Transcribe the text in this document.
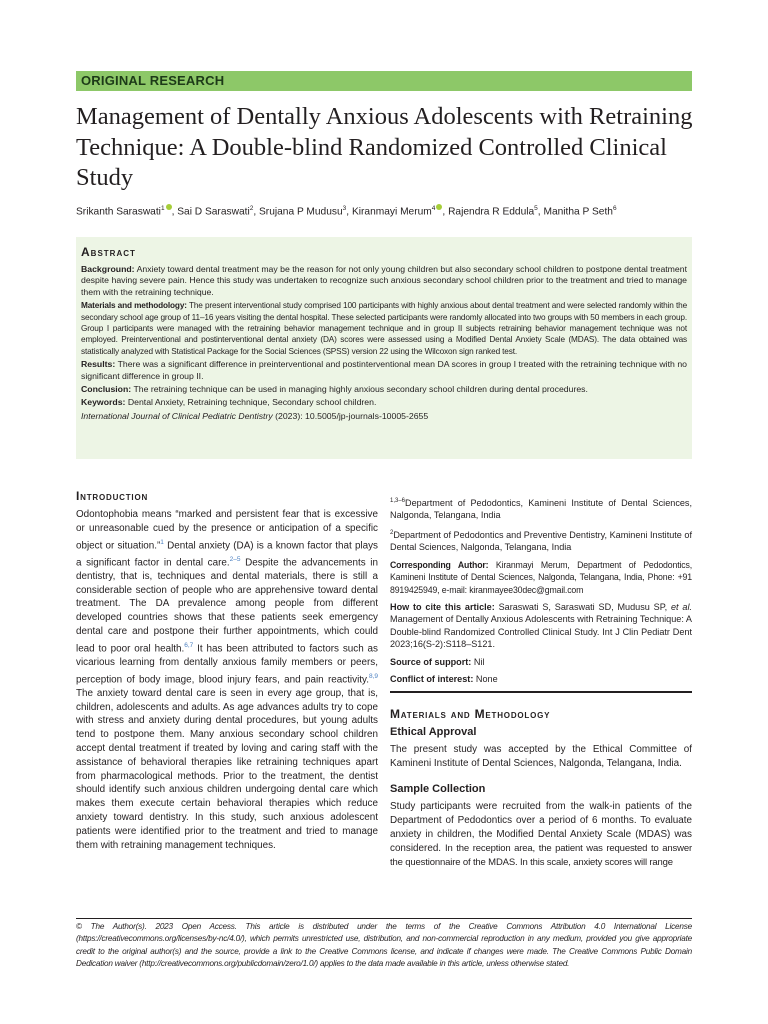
ORIGINAL RESEARCH
Management of Dentally Anxious Adolescents with Retraining Technique: A Double-blind Randomized Controlled Clinical Study
Srikanth Saraswati$^1$ , Sai D Saraswati$^2$, Srujana P Mudusu$^3$, Kiranmayi Merum$^4$ , Rajendra R Eddula$^5$, Manitha P Seth$^6$
Abstract

Background: Anxiety toward dental treatment may be the reason for not only young children but also secondary school children to postpone dental treatment despite having severe pain. Hence this study was undertaken to recognize such anxious secondary school children prior to the treatment and tried to manage them with the retraining technique.

Materials and methodology: The present interventional study comprised 100 participants with highly anxious about dental treatment and were selected randomly within the secondary school age group of 11–16 years visiting the dental hospital. These selected participants were randomly allocated into two groups with 50 members in each group. Group I participants were managed with the retraining behavior management technique and in group II subjects retraining behavior management technique was not employed. Preinterventional and postinterventional dental anxiety (DA) scores were assessed using a Modified Dental Anxiety Scale (MDAS). The data obtained was statistically analyzed with Statistical Package for the Social Sciences (SPSS) version 22 using the Wilcoxon sign ranked test.

Results: There was a significant difference in preinterventional and postinterventional mean DA scores in group I treated with the retraining technique with no significant difference in group II.

Conclusion: The retraining technique can be used in managing highly anxious secondary school children during dental procedures.

Keywords: Dental Anxiety, Retraining technique, Secondary school children.

International Journal of Clinical Pediatric Dentistry (2023): 10.5005/jp-journals-10005-2655

Introduction

Odontophobia means “marked and persistent fear that is excessive or unreasonable cued by the presence or anticipation of a specific object or situation.”$^1$ Dental anxiety (DA) is a known factor that plays a significant factor in dental care.$^{2-5}$ Despite the advancements in dentistry, that is, techniques and dental materials, there is still a considerable section of people who are apprehensive toward dental treatment. The DA prevalence among people from different developed countries shows that these patients seek emergency dental care and postpone their further appointments, which could lead to poor oral health.$^{6,7}$ It has been attributed to factors such as vicarious learning from dentally anxious family members or peers, perception of body image, blood injury fears, and pain reactivity.$^{8,9}$ The anxiety toward dental care is seen in every age group, that is, children, adolescents and adults. As age advances adults try to cope with stress and anxiety during dental procedures, but young adults tend to postpone them. Many anxious secondary school children accept dental treatment if treated by loving and caring staff with the assistance of behavioral therapies like retraining techniques apart from pharmacological methods. Prior to the treatment, the dentist should identify such anxious children undergoing dental care which makes them execute certain behavioral therapies which reduce anxiety toward dentistry. In this study, such anxious adolescent patients were identified prior to the treatment and tried to manage them with retraining management techniques.

$^{1,3-6}$Department of Pedodontics, Kamineni Institute of Dental Sciences, Nalgonda, Telangana, India

$^2$Department of Pedodontics and Preventive Dentistry, Kamineni Institute of Dental Sciences, Nalgonda, Telangana, India

Corresponding Author: Kiranmayi Merum, Department of Pedodontics, Kamineni Institute of Dental Sciences, Nalgonda, Telangana, India, Phone: +91 8919425949, e-mail: kiranmayee30dec@gmail.com

How to cite this article: Saraswati S, Saraswati SD, Mudusu SP, et al. Management of Dentally Anxious Adolescents with Retraining Technique: A Double-blind Randomized Controlled Clinical Study. Int J Clin Pediatr Dent 2023;16(S-2):S118–S121.

Source of support: Nil

Conflict of interest: None

Materials and Methodology
Ethical Approval

The present study was accepted by the Ethical Committee of Kamineni Institute of Dental Sciences, Nalgonda, Telangana, India.

Sample Collection

Study participants were recruited from the walk-in patients of the Department of Pedodontics over a period of 6 months. To evaluate anxiety in children, the Modified Dental Anxiety Scale (MDAS) was considered. In the reception area, the patient was requested to answer the questionnaire of the MDAS. In this scale, anxiety scores will range

© The Author(s). 2023 Open Access. This article is distributed under the terms of the Creative Commons Attribution 4.0 International License (https://creativecommons.org/licenses/by-nc/4.0/), which permits unrestricted use, distribution, and non-commercial reproduction in any medium, provided you give appropriate credit to the original author(s) and the source, provide a link to the Creative Commons license, and indicate if changes were made. The Creative Commons Public Domain Dedication waiver (http://creativecommons.org/publicdomain/zero/1.0/) applies to the data made available in this article, unless otherwise stated.
